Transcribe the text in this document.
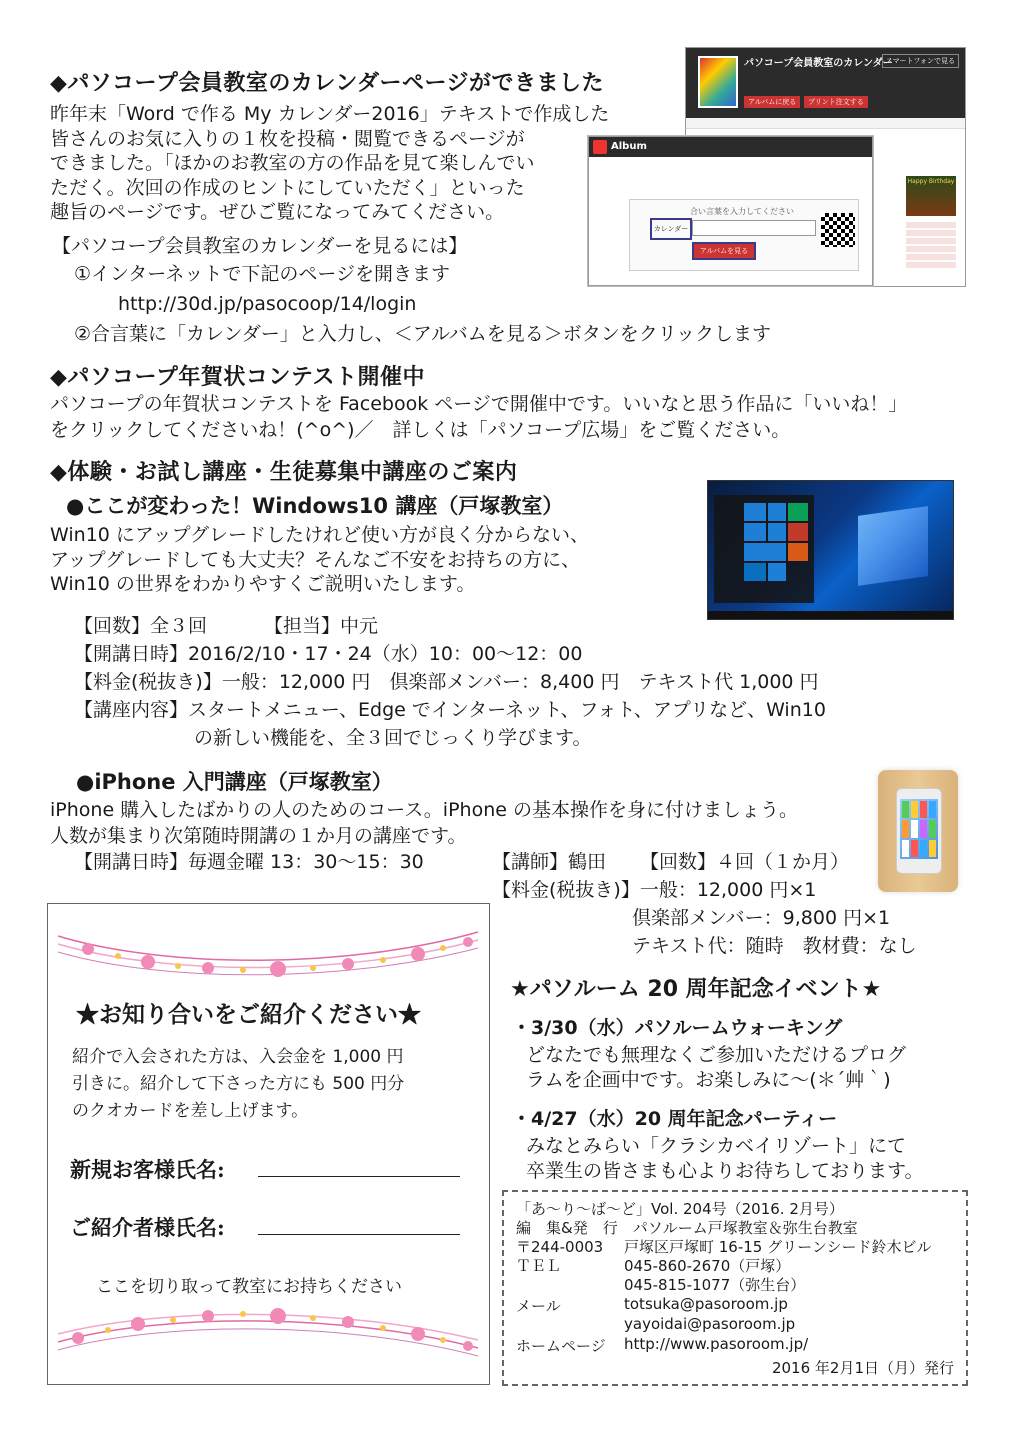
◆パソコープ会員教室のカレンダーページができました
昨年末「Word で作る My カレンダー2016」テキストで作成した
皆さんのお気に入りの１枚を投稿・閲覧できるページが
できました。「ほかのお教室の方の作品を見て楽しんでい
ただく。次回の作成のヒントにしていただく」といった
趣旨のページです。ぜひご覧になってみてください。
【パソコープ会員教室のカレンダーを見るには】
①インターネットで下記のページを開きます
http://30d.jp/pasocoop/14/login
②合言葉に「カレンダー」と入力し、＜アルバムを見る＞ボタンをクリックします
パソコープ会員教室のカレンダー
スマートフォンで見る
アルバムに戻る	プリント注文する
Happy Birthday
Album
合い言葉を入力してください
カレンダー
アルバムを見る
◆パソコープ年賀状コンテスト開催中
パソコープの年賀状コンテストを Facebook ページで開催中です。いいなと思う作品に「いいね！」
をクリックしてくださいね！(^o^)／　詳しくは「パソコープ広場」をご覧ください。
◆体験・お試し講座・生徒募集中講座のご案内
●ここが変わった！Windows10 講座（戸塚教室）
Win10 にアップグレードしたけれど使い方が良く分からない、
アップグレードしても大丈夫？そんなご不安をお持ちの方に、
Win10 の世界をわかりやすくご説明いたします。
【回数】全３回	【担当】中元
【開講日時】2016/2/10・17・24（水）10：00～12：00
【料金(税抜き)】一般：12,000 円　倶楽部メンバー：8,400 円　テキスト代 1,000 円
【講座内容】スタートメニュー、Edge でインターネット、フォト、アプリなど、Win10
の新しい機能を、全３回でじっくり学びます。
●iPhone 入門講座（戸塚教室）
iPhone 購入したばかりの人のためのコース。iPhone の基本操作を身に付けましょう。
人数が集まり次第随時開講の１か月の講座です。
【開講日時】毎週金曜 13：30～15：30	【講師】鶴田 【回数】４回（１か月）
【料金(税抜き)】一般：12,000 円×1
倶楽部メンバー：9,800 円×1
テキスト代：随時　教材費：なし
★お知り合いをご紹介ください★
紹介で入会された方は、入会金を 1,000 円
引きに。紹介して下さった方にも 500 円分
のクオカードを差し上げます。
新規お客様氏名:
ご紹介者様氏名:
ここを切り取って教室にお持ちください
★パソルーム 20 周年記念イベント★
・3/30（水）パソルームウォーキング
どなたでも無理なくご参加いただけるプログ
ラムを企画中です。お楽しみに～(＊´艸｀)
・4/27（水）20 周年記念パーティー
みなとみらい「クラシカベイリゾート」にて
卒業生の皆さまも心よりお待ちしております。
「あ～り～ば～ど」Vol. 204号（2016. 2月号）
編　集&発　行　パソルーム戸塚教室＆弥生台教室
〒244-0003 戸塚区戸塚町 16-15 グリーンシード鈴木ビル
ＴＥＬ	045-860-2670（戸塚）
045-815-1077（弥生台）
メール	totsuka@pasoroom.jp
yayoidai@pasoroom.jp
ホームページ http://www.pasoroom.jp/
2016 年2月1日（月）発行
